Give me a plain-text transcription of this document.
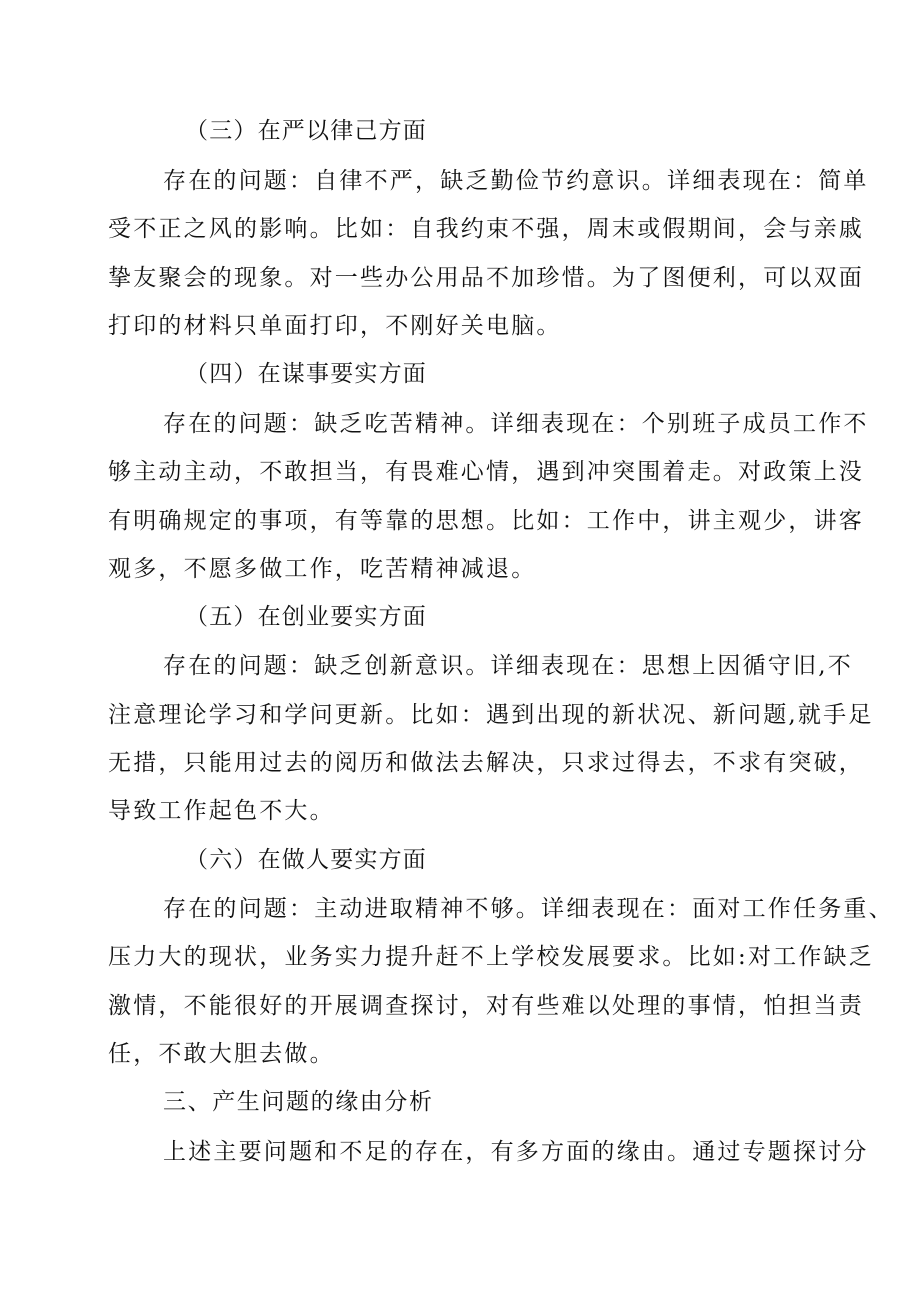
（三）在严以律己方面
存在的问题：自律不严，缺乏勤俭节约意识。详细表现在：简单
受不正之风的影响。比如：自我约束不强，周末或假期间，会与亲戚
挚友聚会的现象。对一些办公用品不加珍惜。为了图便利，可以双面
打印的材料只单面打印，不刚好关电脑。
（四）在谋事要实方面
存在的问题：缺乏吃苦精神。详细表现在：个别班子成员工作不
够主动主动，不敢担当，有畏难心情，遇到冲突围着走。对政策上没
有明确规定的事项，有等靠的思想。比如：工作中，讲主观少，讲客
观多，不愿多做工作，吃苦精神减退。
（五）在创业要实方面
存在的问题：缺乏创新意识。详细表现在：思想上因循守旧,不
注意理论学习和学问更新。比如：遇到出现的新状况、新问题,就手足
无措，只能用过去的阅历和做法去解决，只求过得去，不求有突破，
导致工作起色不大。
（六）在做人要实方面
存在的问题：主动进取精神不够。详细表现在：面对工作任务重、
压力大的现状，业务实力提升赶不上学校发展要求。比如:对工作缺乏
激情，不能很好的开展调查探讨，对有些难以处理的事情，怕担当责
任，不敢大胆去做。
三、产生问题的缘由分析
上述主要问题和不足的存在，有多方面的缘由。通过专题探讨分
